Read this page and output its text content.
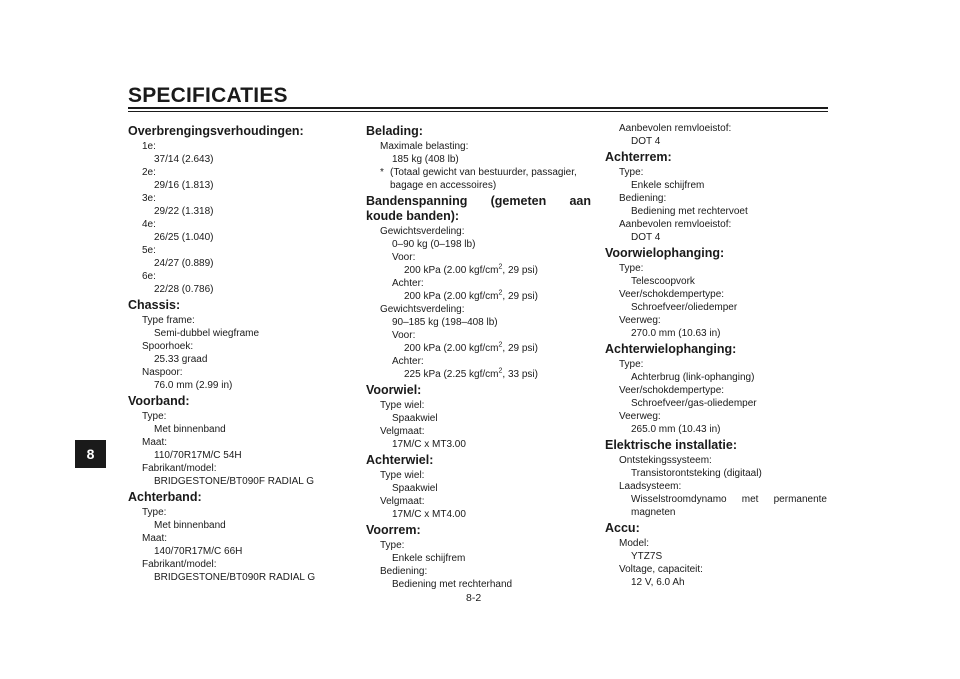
SPECIFICATIES
8
Overbrengingsverhoudingen:
1e:
37/14 (2.643)
2e:
29/16 (1.813)
3e:
29/22 (1.318)
4e:
26/25 (1.040)
5e:
24/27 (0.889)
6e:
22/28 (0.786)
Chassis:
Type frame:
Semi-dubbel wiegframe
Spoorhoek:
25.33 graad
Naspoor:
76.0 mm (2.99 in)
Voorband:
Type:
Met binnenband
Maat:
110/70R17M/C 54H
Fabrikant/model:
BRIDGESTONE/BT090F RADIAL G
Achterband:
Type:
Met binnenband
Maat:
140/70R17M/C 66H
Fabrikant/model:
BRIDGESTONE/BT090R RADIAL G
Belading:
Maximale belasting:
185 kg (408 lb)
* (Totaal gewicht van bestuurder, passagier, bagage en accessoires)
Bandenspanning (gemeten aan koude banden):
Gewichtsverdeling:
0–90 kg (0–198 lb)
Voor:
200 kPa (2.00 kgf/$cm^2$, 29 psi)
Achter:
200 kPa (2.00 kgf/$cm^2$, 29 psi)
Gewichtsverdeling:
90–185 kg (198–408 lb)
Voor:
200 kPa (2.00 kgf/$cm^2$, 29 psi)
Achter:
225 kPa (2.25 kgf/$cm^2$, 33 psi)
Voorwiel:
Type wiel:
Spaakwiel
Velgmaat:
17M/C x MT3.00
Achterwiel:
Type wiel:
Spaakwiel
Velgmaat:
17M/C x MT4.00
Voorrem:
Type:
Enkele schijfrem
Bediening:
Bediening met rechterhand
Aanbevolen remvloeistof:
DOT 4
Achterrem:
Type:
Enkele schijfrem
Bediening:
Bediening met rechtervoet
Aanbevolen remvloeistof:
DOT 4
Voorwielophanging:
Type:
Telescoopvork
Veer/schokdempertype:
Schroefveer/oliedemper
Veerweg:
270.0 mm (10.63 in)
Achterwielophanging:
Type:
Achterbrug (link-ophanging)
Veer/schokdempertype:
Schroefveer/gas-oliedemper
Veerweg:
265.0 mm (10.43 in)
Elektrische installatie:
Ontstekingssysteem:
Transistorontsteking (digitaal)
Laadsysteem:
Wisselstroomdynamo met permanente magneten
Accu:
Model:
YTZ7S
Voltage, capaciteit:
12 V, 6.0 Ah
8-2
